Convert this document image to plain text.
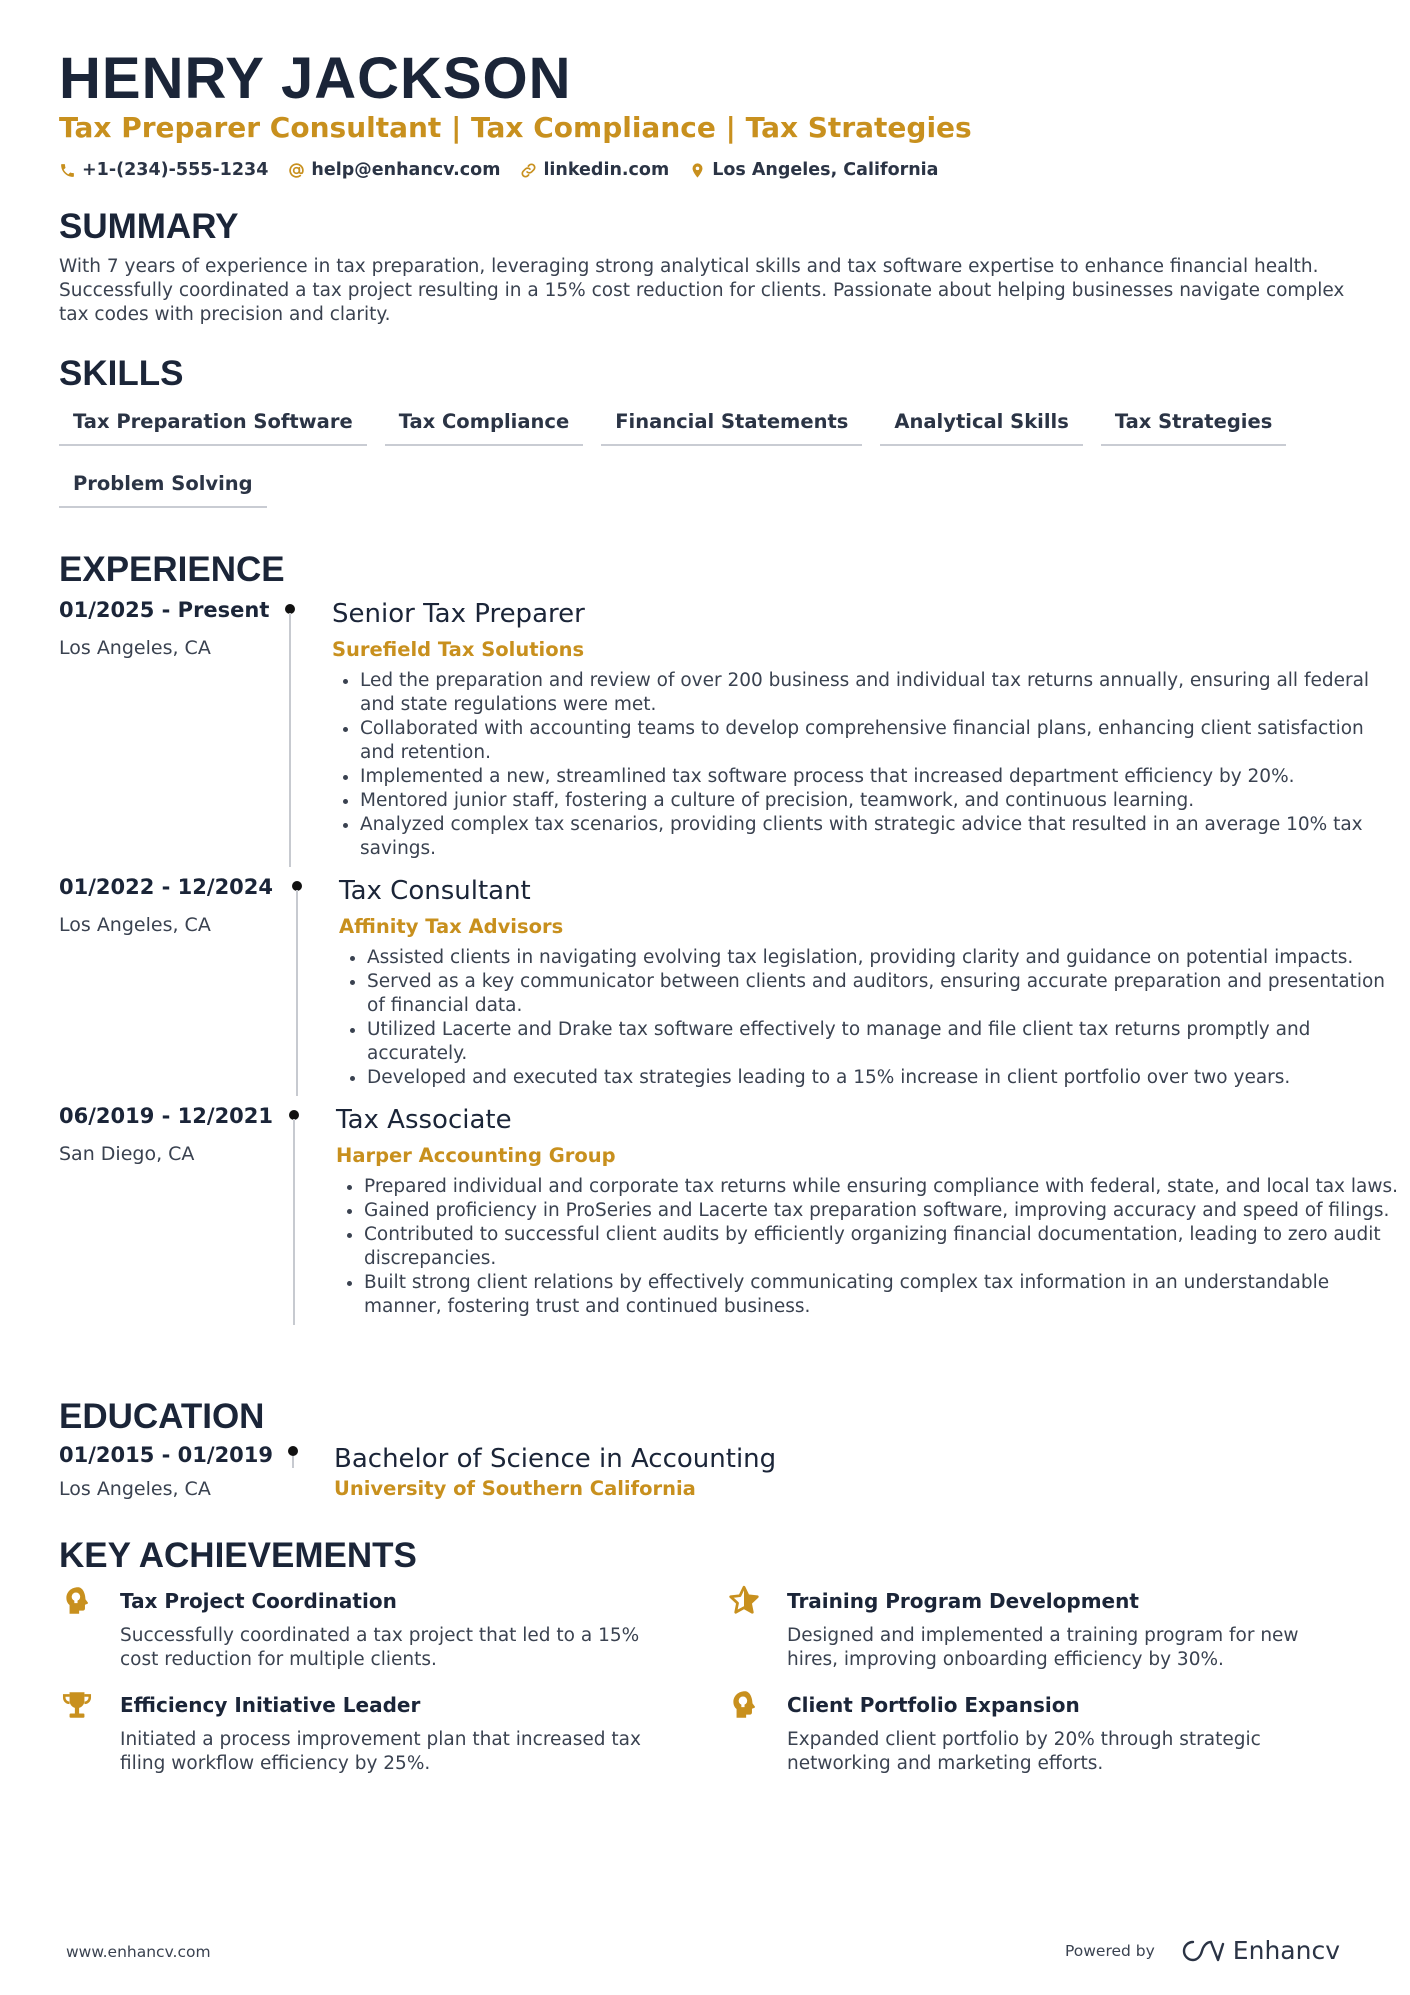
HENRY JACKSON
Tax Preparer Consultant | Tax Compliance | Tax Strategies
+1-(234)-555-1234 help@enhancv.com linkedin.com Los Angeles, California
SUMMARY

With 7 years of experience in tax preparation, leveraging strong analytical skills and tax software expertise to enhance financial health. Successfully coordinated a tax project resulting in a 15% cost reduction for clients. Passionate about helping businesses navigate complex tax codes with precision and clarity.

SKILLS
Tax Preparation Software	Tax Compliance	Financial Statements	Analytical Skills	Tax Strategies
Problem Solving
EXPERIENCE
01/2025 - Present
Los Angeles, CA
Senior Tax Preparer
Surefield Tax Solutions
• Led the preparation and review of over 200 business and individual tax returns annually, ensuring all federal and state regulations were met.
• Collaborated with accounting teams to develop comprehensive financial plans, enhancing client satisfaction and retention.
• Implemented a new, streamlined tax software process that increased department efficiency by 20%.
• Mentored junior staff, fostering a culture of precision, teamwork, and continuous learning.
• Analyzed complex tax scenarios, providing clients with strategic advice that resulted in an average 10% tax savings.
01/2022 - 12/2024
Los Angeles, CA
Tax Consultant
Affinity Tax Advisors
• Assisted clients in navigating evolving tax legislation, providing clarity and guidance on potential impacts.
• Served as a key communicator between clients and auditors, ensuring accurate preparation and presentation of financial data.
• Utilized Lacerte and Drake tax software effectively to manage and file client tax returns promptly and accurately.
• Developed and executed tax strategies leading to a 15% increase in client portfolio over two years.
06/2019 - 12/2021
San Diego, CA
Tax Associate
Harper Accounting Group
• Prepared individual and corporate tax returns while ensuring compliance with federal, state, and local tax laws.
• Gained proficiency in ProSeries and Lacerte tax preparation software, improving accuracy and speed of filings.
• Contributed to successful client audits by efficiently organizing financial documentation, leading to zero audit discrepancies.
• Built strong client relations by effectively communicating complex tax information in an understandable manner, fostering trust and continued business.
EDUCATION
01/2015 - 01/2019
Los Angeles, CA
Bachelor of Science in Accounting
University of Southern California
KEY ACHIEVEMENTS
Tax Project Coordination
Successfully coordinated a tax project that led to a 15% cost reduction for multiple clients.
Training Program Development
Designed and implemented a training program for new hires, improving onboarding efficiency by 30%.
Efficiency Initiative Leader
Initiated a process improvement plan that increased tax filing workflow efficiency by 25%.
Client Portfolio Expansion
Expanded client portfolio by 20% through strategic networking and marketing efforts.
www.enhancv.com	Powered by	Enhancv
